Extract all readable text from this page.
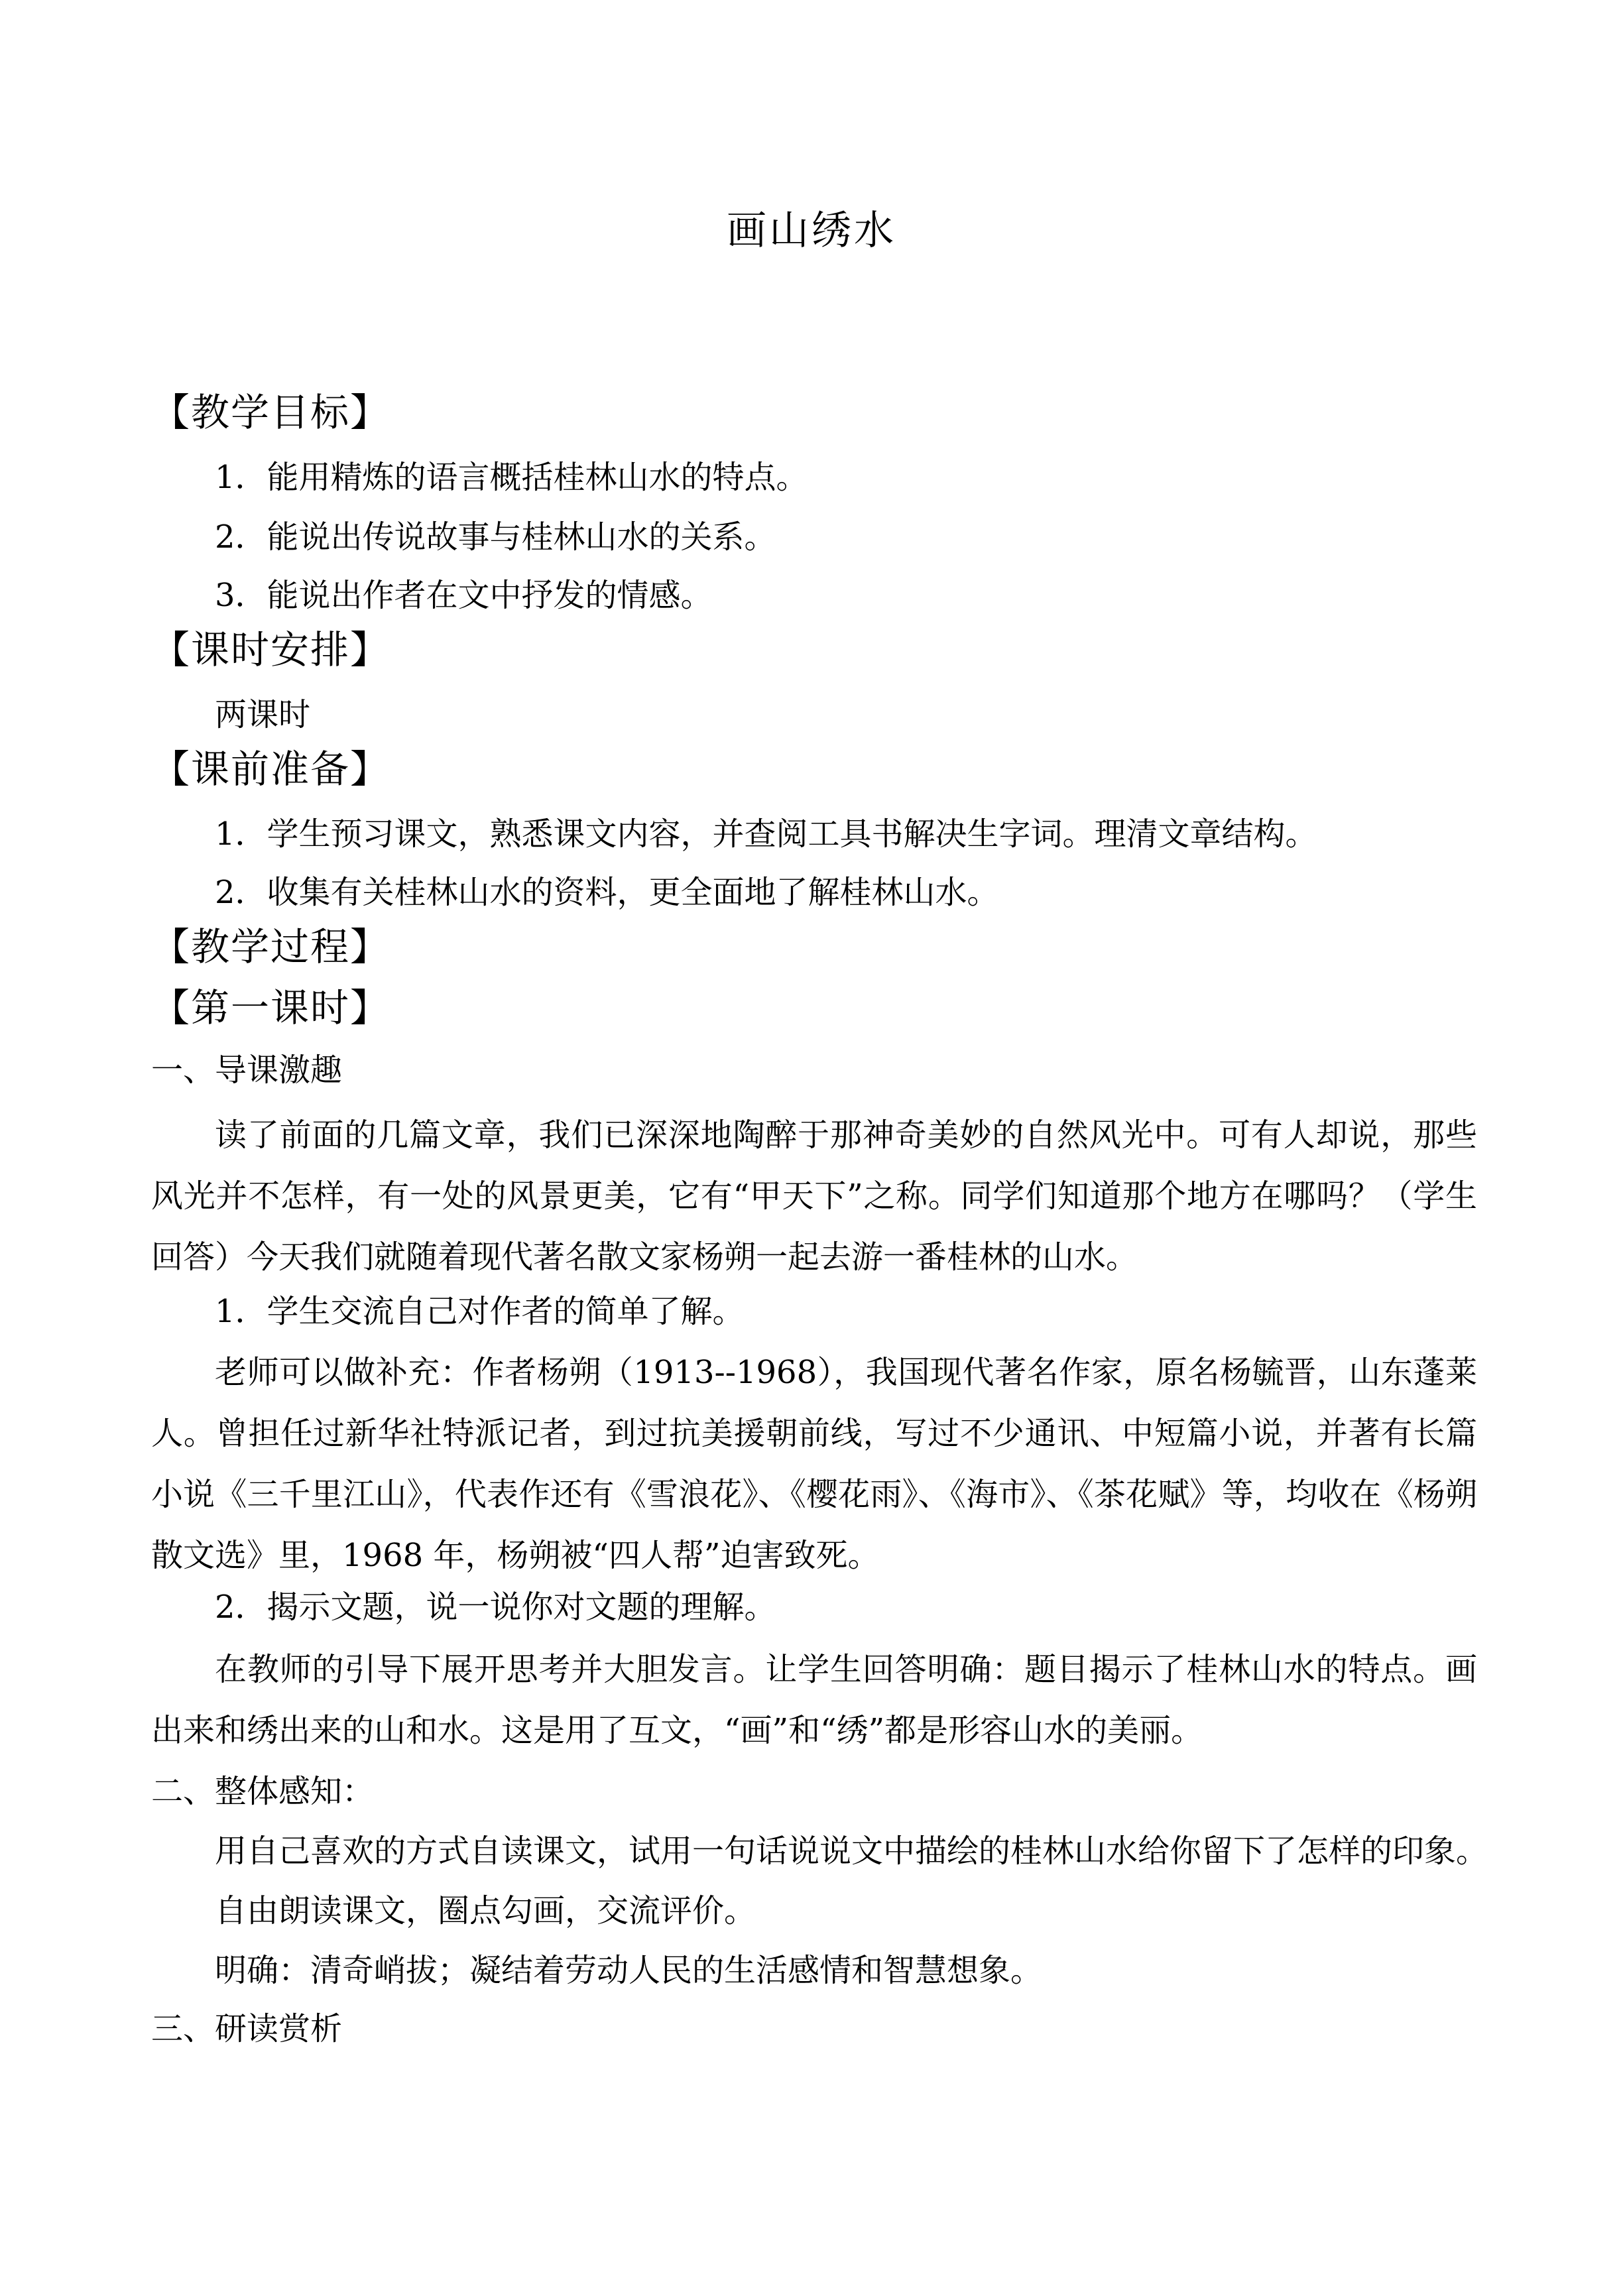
画山绣水
【教学目标】
1．能用精炼的语言概括桂林山水的特点。
2．能说出传说故事与桂林山水的关系。
3．能说出作者在文中抒发的情感。
【课时安排】
两课时
【课前准备】
1．学生预习课文，熟悉课文内容，并查阅工具书解决生字词。理清文章结构。
2．收集有关桂林山水的资料，更全面地了解桂林山水。
【教学过程】
【第一课时】
一、导课激趣
读了前面的几篇文章，我们已深深地陶醉于那神奇美妙的自然风光中。可有人却说，那些风光并不怎样，有一处的风景更美，它有“甲天下”之称。同学们知道那个地方在哪吗？（学生回答）今天我们就随着现代著名散文家杨朔一起去游一番桂林的山水。
1．学生交流自己对作者的简单了解。
老师可以做补充：作者杨朔（1913--1968），我国现代著名作家，原名杨毓晋，山东蓬莱人。曾担任过新华社特派记者，到过抗美援朝前线，写过不少通讯、中短篇小说，并著有长篇小说《三千里江山》，代表作还有《雪浪花》、《樱花雨》、《海市》、《茶花赋》等，均收在《杨朔散文选》里，1968 年，杨朔被“四人帮”迫害致死。
2．揭示文题，说一说你对文题的理解。
在教师的引导下展开思考并大胆发言。让学生回答明确：题目揭示了桂林山水的特点。画出来和绣出来的山和水。这是用了互文，“画”和“绣”都是形容山水的美丽。
二、整体感知：
用自己喜欢的方式自读课文，试用一句话说说文中描绘的桂林山水给你留下了怎样的印象。
自由朗读课文，圈点勾画，交流评价。
明确：清奇峭拔；凝结着劳动人民的生活感情和智慧想象。
三、研读赏析
